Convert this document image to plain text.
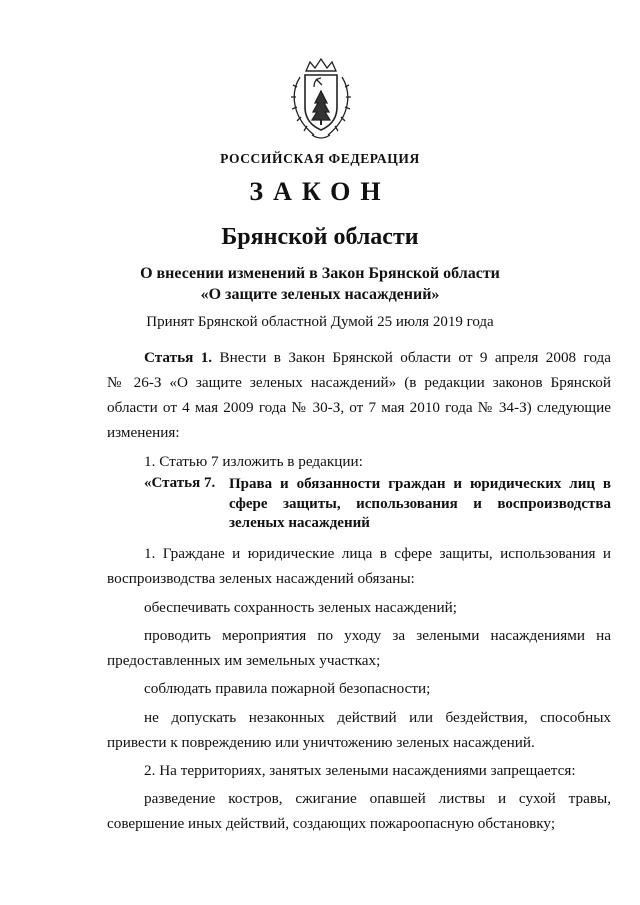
РОССИЙСКАЯ ФЕДЕРАЦИЯ
ЗАКОН
Брянской области
О внесении изменений в Закон Брянской области
«О защите зеленых насаждений»
Принят Брянской областной Думой 25 июля 2019 года
Статья 1. Внести в Закон Брянской области от 9 апреля 2008 года
№ 26-З «О защите зеленых насаждений» (в редакции законов Брянской
области от 4 мая 2009 года № 30-З, от 7 мая 2010 года № 34-З) следующие
изменения:
1. Статью 7 изложить в редакции:
«Статья 7. Права и обязанности граждан и юридических лиц в
сфере защиты, использования и воспроизводства
зеленых насаждений
1. Граждане и юридические лица в сфере защиты, использования и
воспроизводства зеленых насаждений обязаны:
обеспечивать сохранность зеленых насаждений;
проводить мероприятия по уходу за зелеными насаждениями на
предоставленных им земельных участках;
соблюдать правила пожарной безопасности;
не допускать незаконных действий или бездействия, способных
привести к повреждению или уничтожению зеленых насаждений.
2. На территориях, занятых зелеными насаждениями запрещается:
разведение костров, сжигание опавшей листвы и сухой травы,
совершение иных действий, создающих пожароопасную обстановку;
